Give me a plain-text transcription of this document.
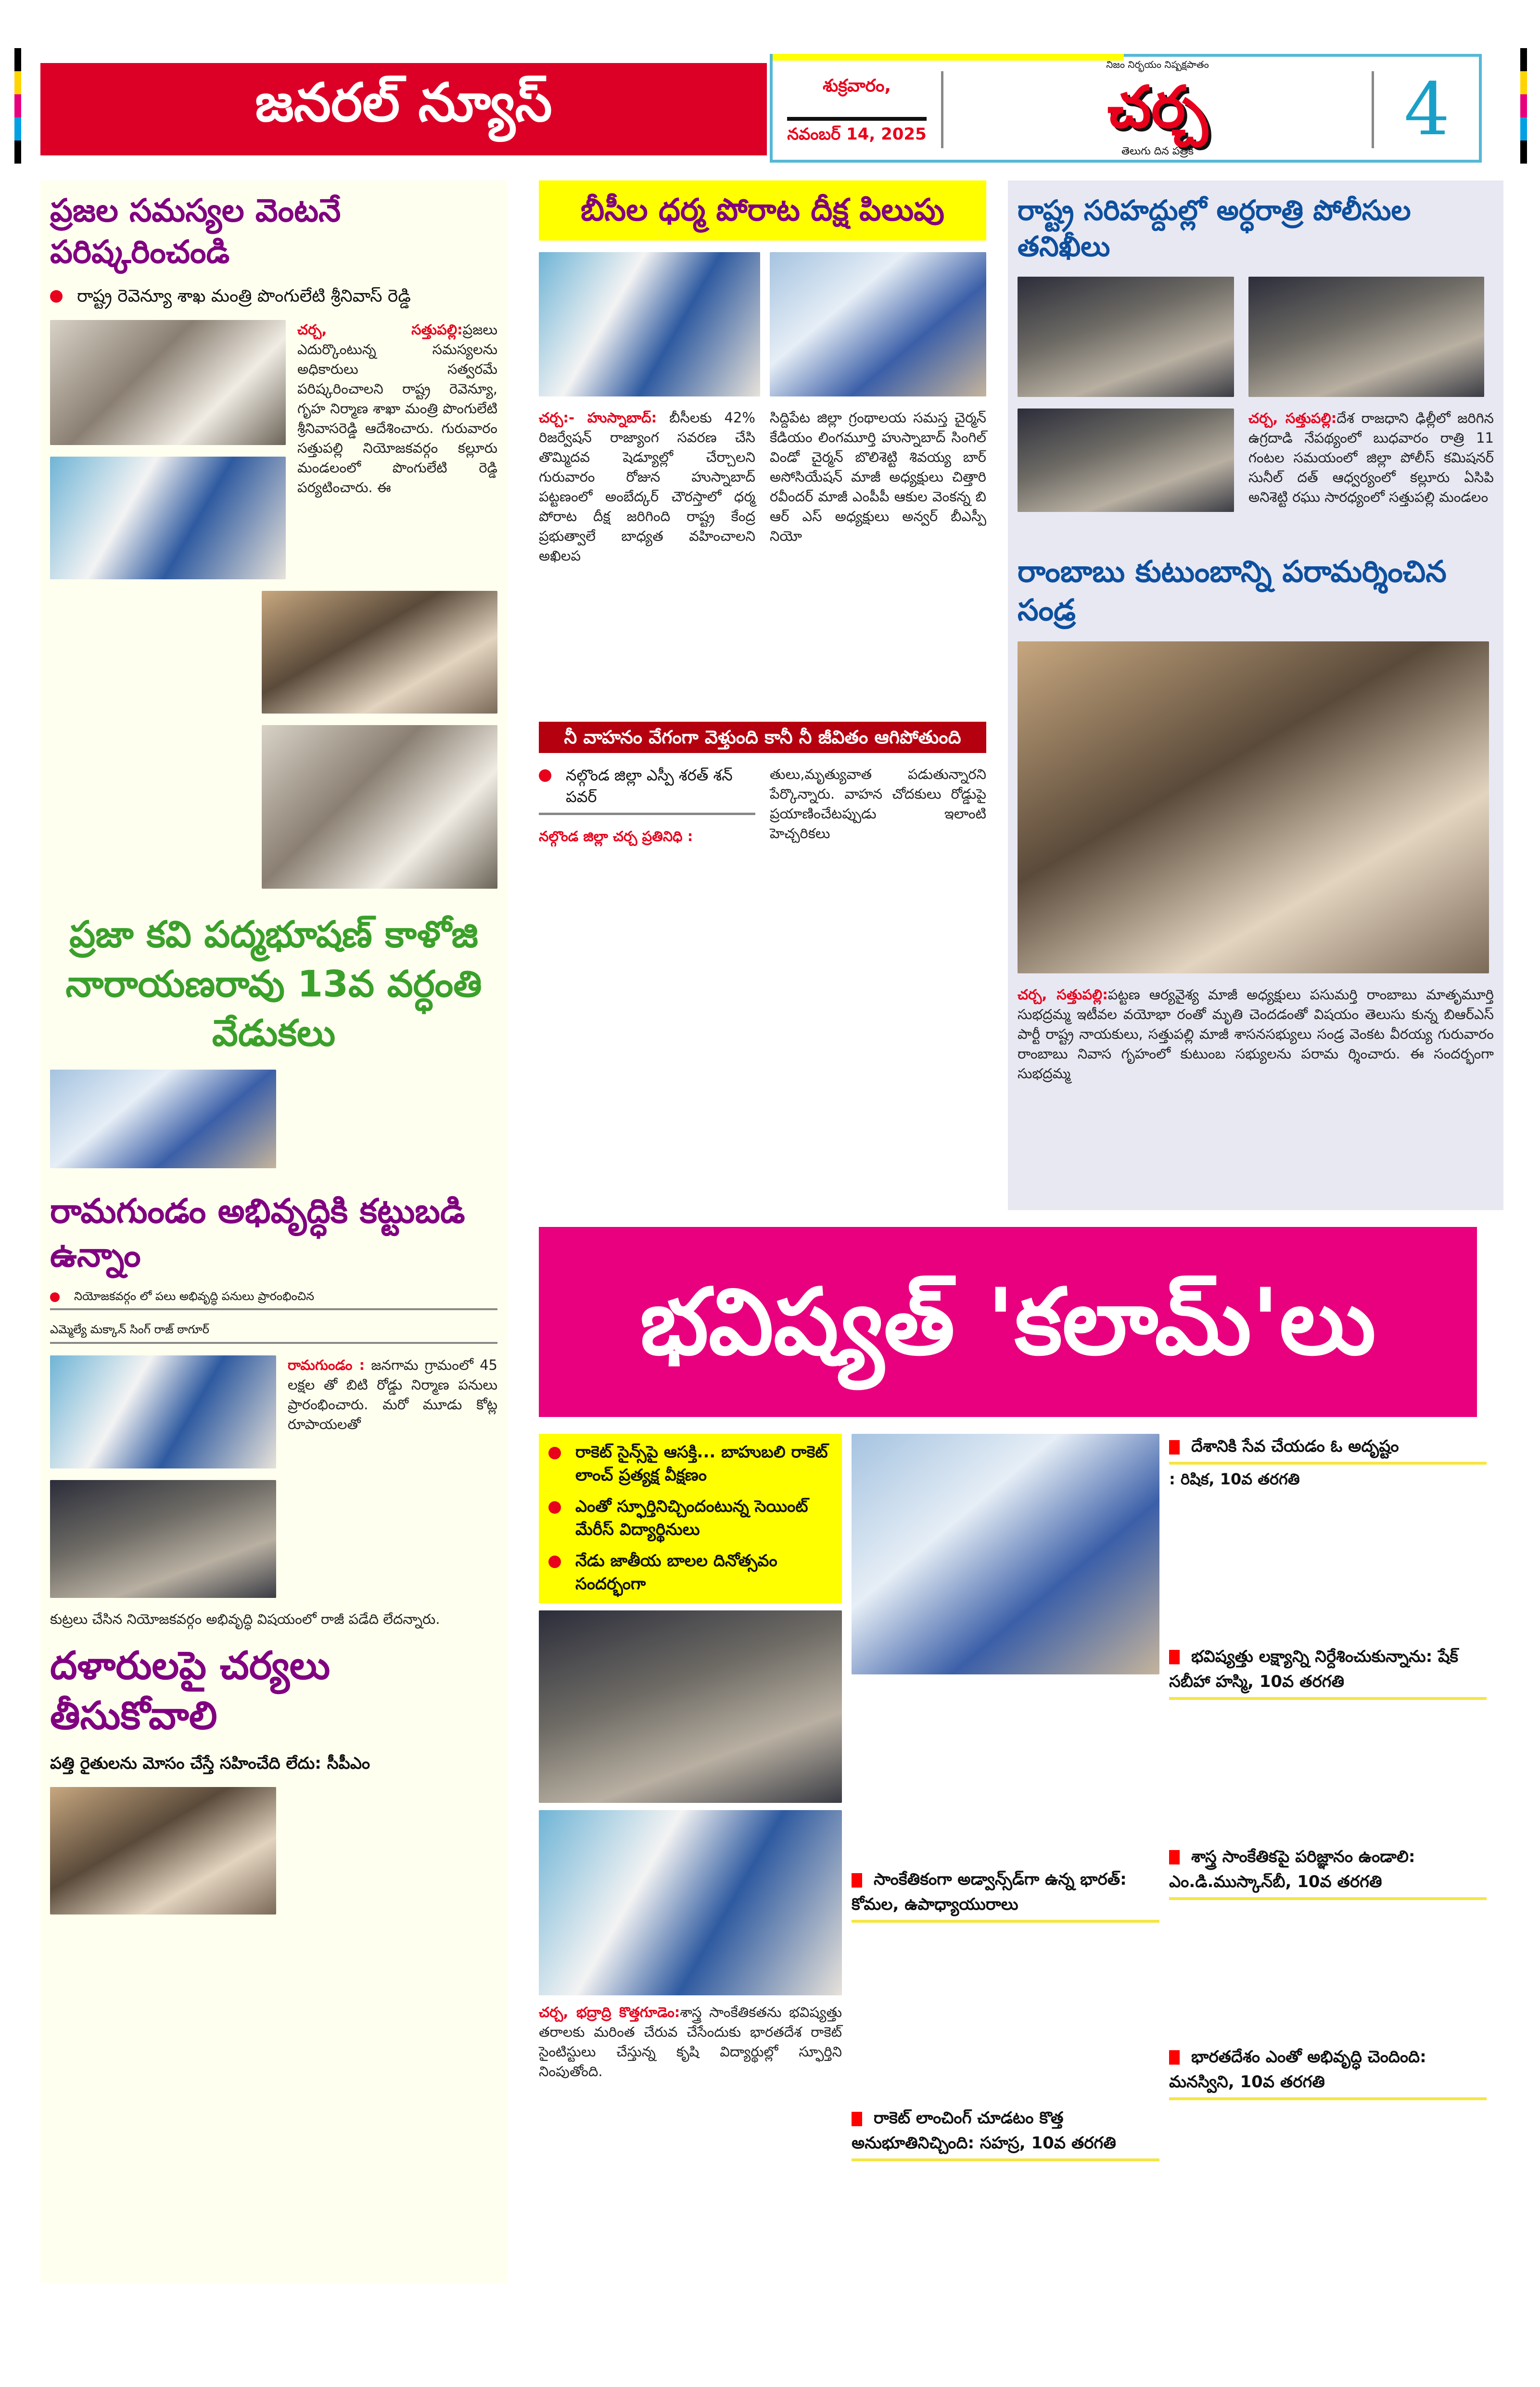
జనరల్ న్యూస్	శుక్రవారం,
నవంబర్ 14, 2025
నిజం నిర్భయం నిష్పక్షపాతం
చర్చ
తెలుగు దిన పత్రిక	4
ప్రజల సమస్యల వెంటనే పరిష్కరించండి
రాష్ట్ర రెవెన్యూ శాఖ మంత్రి పొంగులేటి శ్రీనివాస్ రెడ్డి
చర్చ, సత్తుపల్లి:ప్రజలు ఎదుర్కొంటున్న సమస్యలను అధికారులు సత్వరమే పరిష్కరించాలని రాష్ట్ర రెవెన్యూ, గృహ నిర్మాణ శాఖా మంత్రి పొంగులేటి శ్రీనివాసరెడ్డి ఆదేశించారు. గురువారం సత్తుపల్లి నియోజకవర్గం కల్లూరు మండలంలో పొంగులేటి రెడ్డి పర్యటించారు. ఈ
ప్రజా కవి పద్మభూషణ్ కాళోజి నారాయణరావు 13వ వర్ధంతి వేడుకలు
రామగుండం అభివృద్ధికి కట్టుబడి ఉన్నాం
నియోజకవర్గం లో పలు అభివృద్ధి పనులు ప్రారంభించిన
ఎమ్మెల్యే మక్కాన్ సింగ్ రాజ్ ఠాగూర్
రామగుండం : జనగామ గ్రామంలో 45 లక్షల తో బిటి రోడ్డు నిర్మాణ పనులు ప్రారంభించారు. మరో మూడు కోట్ల రూపాయలతో
కుట్రలు చేసిన నియోజకవర్గం అభివృద్ధి విషయంలో రాజీ పడేది లేదన్నారు.
దళారులపై చర్యలు తీసుకోవాలి
పత్తి రైతులను మోసం చేస్తే సహించేది లేదు: సీపీఎం
బీసీల ధర్మ పోరాట దీక్ష పిలుపు
చర్చ:- హుస్నాబాద్: బీసీలకు 42% రిజర్వేషన్ రాజ్యాంగ సవరణ చేసి తొమ్మిదవ షెడ్యూల్లో చేర్చాలని గురువారం రోజున హుస్నాబాద్ పట్టణంలో అంబేద్కర్ చౌరస్తాలో ధర్మ పోరాట దీక్ష జరిగింది రాష్ట్ర కేంద్ర ప్రభుత్వాలే బాధ్యత వహించాలని అఖిలప
సిద్దిపేట జిల్లా గ్రంథాలయ సమస్త చైర్మన్ కేడియం లింగమూర్తి హుస్నాబాద్ సింగిల్ విండో చైర్మన్ బొలిశెట్టి శివయ్య బార్ అసోసియేషన్ మాజీ అధ్యక్షులు చిత్తారి రవీందర్ మాజీ ఎంపీపీ ఆకుల వెంకన్న బి ఆర్ ఎస్ అధ్యక్షులు అన్వర్ బీఎస్పీ నియో
నీ వాహనం వేగంగా వెళ్తుంది కానీ నీ జీవితం ఆగిపోతుంది
నల్గొండ జిల్లా ఎస్పీ శరత్ శన్ పవర్
నల్గొండ జిల్లా చర్చ ప్రతినిధి :
తులు,మృత్యువాత పడుతున్నారని పేర్కొన్నారు. వాహన చోదకులు రోడ్డుపై ప్రయాణించేటప్పుడు ఇలాంటి హెచ్చరికలు
రాష్ట్ర సరిహద్దుల్లో అర్ధరాత్రి పోలీసుల తనిఖీలు
చర్చ, సత్తుపల్లి:దేశ రాజధాని ఢిల్లీలో జరిగిన ఉగ్రదాడి నేపథ్యంలో బుధవారం రాత్రి 11 గంటల సమయంలో జిల్లా పోలీస్ కమిషనర్ సునీల్ దత్ ఆధ్వర్యంలో కల్లూరు ఏసిపి అనిశెట్టి రఘు సారధ్యంలో సత్తుపల్లి మండలం
రాంబాబు కుటుంబాన్ని పరామర్శించిన సండ్ర
చర్చ, సత్తుపల్లి:పట్టణ ఆర్యవైశ్య మాజీ అధ్యక్షులు పసుమర్తి రాంబాబు మాతృమూర్తి సుభద్రమ్మ ఇటీవల వయోభా రంతో మృతి చెందడంతో విషయం తెలుసు కున్న బిఆర్ఎస్ పార్టీ రాష్ట్ర నాయకులు, సత్తుపల్లి మాజీ శాసనసభ్యులు సండ్ర వెంకట వీరయ్య గురువారం రాంబాబు నివాస గృహంలో కుటుంబ సభ్యులను పరామ ర్శించారు. ఈ సందర్భంగా సుభద్రమ్మ
భవిష్యత్ 'కలామ్'లు
రాకెట్ సైన్స్‌పై ఆసక్తి... బాహుబలి రాకెట్ లాంచ్ ప్రత్యక్ష వీక్షణం
ఎంతో స్ఫూర్తినిచ్చిందంటున్న సెయింట్ మేరీస్ విద్యార్థినులు
నేడు జాతీయ బాలల దినోత్సవం సందర్భంగా
చర్చ, భద్రాద్రి కొత్తగూడెం:శాస్త్ర సాంకేతికతను భవిష్యత్తు తరాలకు మరింత చేరువ చేసేందుకు భారతదేశ రాకెట్ సైంటిస్టులు చేస్తున్న కృషి విద్యార్థుల్లో స్ఫూర్తిని నింపుతోంది.
సాంకేతికంగా అడ్వాన్స్‌డ్‌గా ఉన్న భారత్:
కోమల, ఉపాధ్యాయురాలు
రాకెట్ లాంచింగ్ చూడటం కొత్త
అనుభూతినిచ్చింది: సహస్ర, 10వ తరగతి
దేశానికి సేవ చేయడం ఓ అదృష్టం
: రిషిక, 10వ తరగతి
భవిష్యత్తు లక్ష్యాన్ని నిర్దేశించుకున్నాను: షేక్
సబీహా హస్మి, 10వ తరగతి
శాస్త్ర సాంకేతికపై పరిజ్ఞానం ఉండాలి:
ఎం.డి.ముస్కాన్‌బీ, 10వ తరగతి
భారతదేశం ఎంతో అభివృద్ధి చెందింది:
మనస్విని, 10వ తరగతి
